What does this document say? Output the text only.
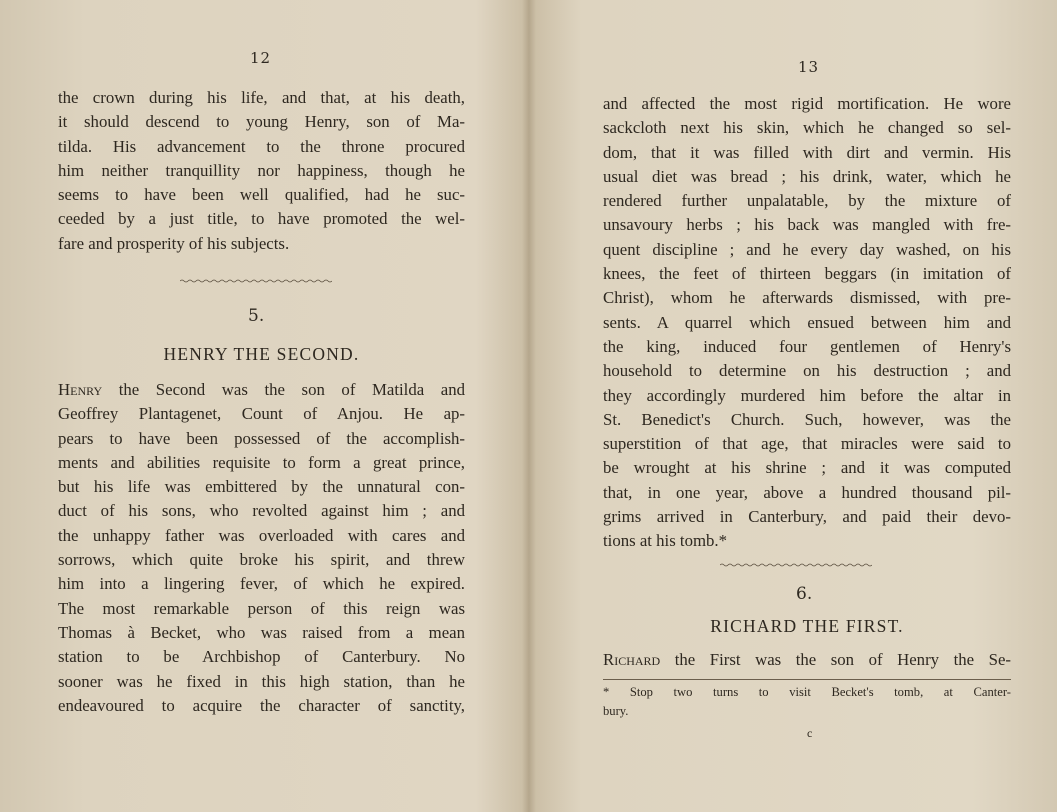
12
the crown during his life, and that, at his death,
it should descend to young Henry, son of Ma-
tilda. His advancement to the throne procured
him neither tranquillity nor happiness, though he
seems to have been well qualified, had he suc-
ceeded by a just title, to have promoted the wel-
fare and prosperity of his subjects.
5.
HENRY THE SECOND.
Henry the Second was the son of Matilda and
Geoffrey Plantagenet, Count of Anjou. He ap-
pears to have been possessed of the accomplish-
ments and abilities requisite to form a great prince,
but his life was embittered by the unnatural con-
duct of his sons, who revolted against him ; and
the unhappy father was overloaded with cares and
sorrows, which quite broke his spirit, and threw
him into a lingering fever, of which he expired.
The most remarkable person of this reign was
Thomas à Becket, who was raised from a mean
station to be Archbishop of Canterbury. No
sooner was he fixed in this high station, than he
endeavoured to acquire the character of sanctity,
13
and affected the most rigid mortification. He wore
sackcloth next his skin, which he changed so sel-
dom, that it was filled with dirt and vermin. His
usual diet was bread ; his drink, water, which he
rendered further unpalatable, by the mixture of
unsavoury herbs ; his back was mangled with fre-
quent discipline ; and he every day washed, on his
knees, the feet of thirteen beggars (in imitation of
Christ), whom he afterwards dismissed, with pre-
sents. A quarrel which ensued between him and
the king, induced four gentlemen of Henry's
household to determine on his destruction ; and
they accordingly murdered him before the altar in
St. Benedict's Church. Such, however, was the
superstition of that age, that miracles were said to
be wrought at his shrine ; and it was computed
that, in one year, above a hundred thousand pil-
grims arrived in Canterbury, and paid their devo-
tions at his tomb.*
6.
RICHARD THE FIRST.
Richard the First was the son of Henry the Se-
* Stop two turns to visit Becket's tomb, at Canter-
bury.
c
